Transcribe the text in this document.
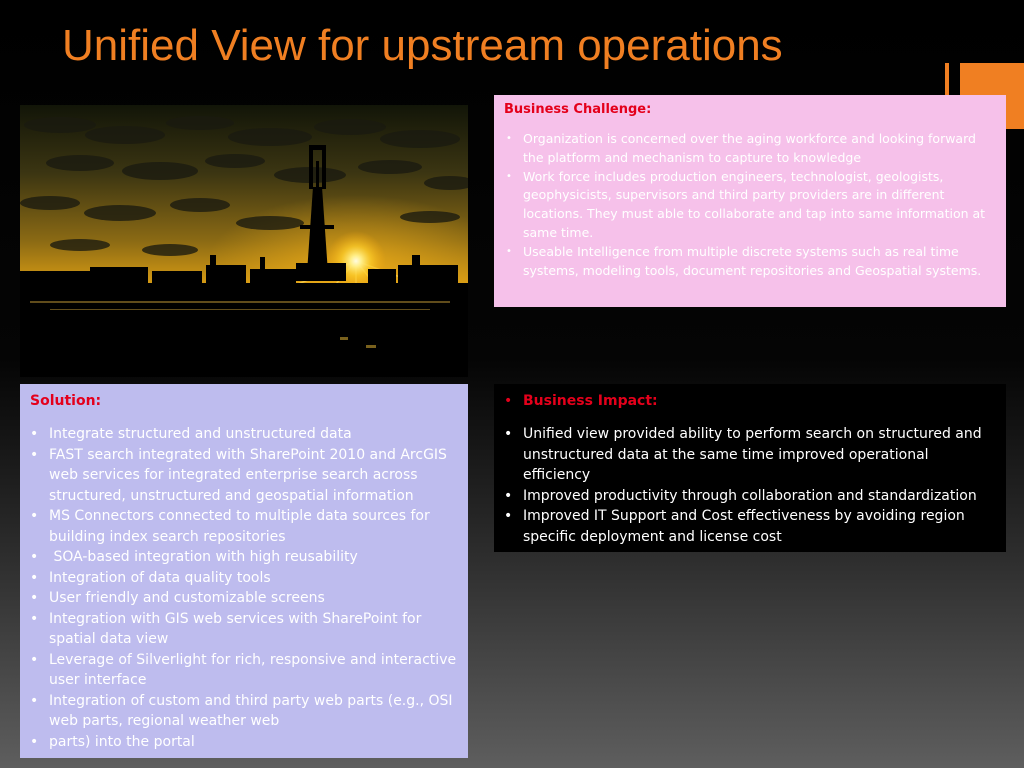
Unified View for upstream operations

Business Challenge:

• Organization is concerned over the aging workforce and looking forward the platform and mechanism to capture to knowledge
• Work force includes production engineers, technologist, geologists, geophysicists, supervisors and third party providers are in different locations. They must able to collaborate and tap into same information at same time.
• Useable Intelligence from multiple discrete systems such as real time systems, modeling tools, document repositories and Geospatial systems.

Solution:

• Integrate structured and unstructured data
• FAST search integrated with SharePoint 2010 and ArcGIS web services for integrated enterprise search across structured, unstructured and geospatial information
• MS Connectors connected to multiple data sources for building index search repositories
•  SOA-based integration with high reusability
• Integration of data quality tools
• User friendly and customizable screens
• Integration with GIS web services with SharePoint for spatial data view
• Leverage of Silverlight for rich, responsive and interactive user interface
• Integration of custom and third party web parts (e.g., OSI web parts, regional weather web
• parts) into the portal
• Business Impact:

• Unified view provided ability to perform search on structured and unstructured data at the same time improved operational efficiency
• Improved productivity through collaboration and standardization
• Improved IT Support and Cost effectiveness by avoiding region specific deployment and license cost
